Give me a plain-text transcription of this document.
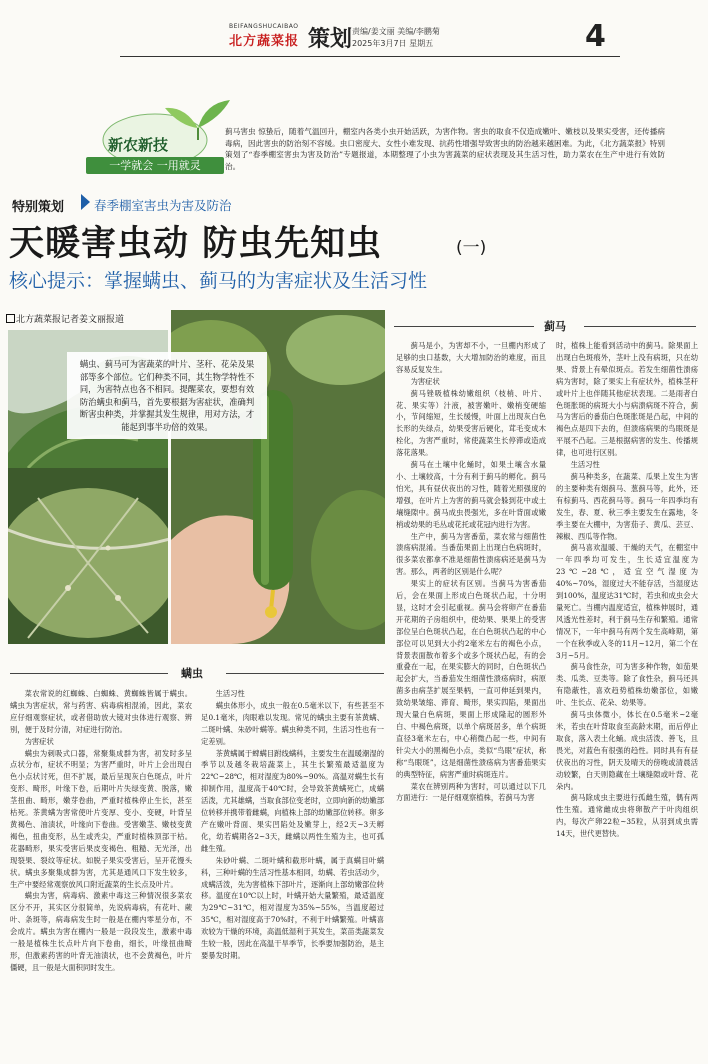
BEIFANGSHUCAIBAO
北方蔬菜报 策划 责编/姜文丽 美编/李鹏菊
2025年3月7日 星期五	4
新农新技
一学就会 一用就灵
蓟马害虫 惊蛰后，随着气温回升，棚室内各类小虫开始活跃，为害作物。害虫的取食不仅造成嫩叶、嫩枝以及果实受害，还传播病毒病，因此害虫的防治刻不容缓。虫口密度大、女性小难发现、抗药性增强导致害虫的防治越来越困难。为此，《北方蔬菜报》特别策划了“春季棚室害虫为害及防治”专题报道，本期整理了小虫为害蔬菜的症状表现及其生活习性，助力菜农在生产中进行有效防治。
特别策划 春季棚室害虫为害及防治
天暖害虫动 防虫先知虫	(一)
核心提示：掌握螨虫、蓟马的为害症状及生活习性
北方蔬菜报记者姜文丽报道
螨虫、蓟马可为害蔬菜的叶片、茎秆、花朵及果部等多个部位。它们种类不同，其生物学特性不同，为害特点也各不相同。提醒菜农，要想有效防治螨虫和蓟马，首先要根据为害症状，准确判断害虫种类，并掌握其发生规律，用对方法，才能起到事半功倍的效果。
蓟马
螨虫

菜农常说的红蜘蛛、白蜘蛛、黄蜘蛛皆属于螨虫。螨虫为害症状，常与药害、病毒病相混淆，因此，菜农应仔细观察症状，或者借助放大镜对虫体进行观察、辨别，便于及时分清，对症进行防治。

为害症状

螨虫为刺吸式口器，常聚集成群为害，初发时多呈点状分布，症状不明显；为害严重时，叶片上会出现白色小点状讨死，但不扩展，最后呈现灰白色斑点，叶片变形、畸形，叶缘下卷，后期叶片失绿变黄、脱落，嫩茎扭曲、畸形，嫩芽卷曲，严重时植株停止生长，甚至枯死。茶黄螨为害常使叶片变厚、变小、变硬，叶背呈黄褐色、油渍状，叶缘向下卷曲。受害嫩茎、嫩枝变黄褐色，扭曲变形，丛生或秃尖，严重时植株顶部干枯。花器畸形，果实受害后果皮变褐色、粗糙、无光泽，出现裂果、裂纹等症状。如脱子果实受害后，呈开花馒头状。螨虫多聚集成群为害，尤其是通风口下发生较多，生产中要经常观察放风口附近蔬菜的生长点及叶片。

螨虫为害，病毒病、激素中毒这三种情况很多菜农区分不开，其实区分很简单，先说病毒病，有花叶、蕨叶、条斑等，病毒病发生时一般是在棚内零星分布，不会成片。螨虫为害在棚内一般是一段段发生，激素中毒一般是植株生长点叶片向下卷曲，细长，叶缘扭曲畸形，但激素药害的叶背无油渍状，也不会黄褐色，叶片僵硬，且一般是大面积同时发生。

生活习性

螨虫体形小，成虫一般在0.5毫米以下，有些甚至不足0.1毫米，肉眼难以发现。常见的螨虫主要有茶黄螨、二斑叶螨、朱砂叶螨等。螨虫种类不同，生活习性也有一定差别。

茶黄螨属于蜱螨目跗线螨科，主要发生在温暖潮湿的季节以及越冬栽培蔬菜上，其生长繁殖最适温度为22℃~28℃，相对湿度为80%~90%。高温对螨生长有抑制作用，温度高于40℃时，会导致茶黄螨死亡，成螨活泼，尤其雄螨，当取食部位变老时，立即向新的幼嫩部位转移并携带着雌螨，向植株上部的幼嫩部位转移。卵多产在嫩叶背面、果实凹陷处及嫩芽上，经2天~3天孵化，幼若螨期各2~3天，雌螨以两性生殖为主，也可孤雌生殖。

朱砂叶螨、二斑叶螨和截形叶螨，属于真螨目叶螨科，三种叶螨的生活习性基本相同，幼螨、若虫活动少，成螨活泼，先为害植株下部叶片，逐渐向上部幼嫩部位转移。温度在10℃以上时，叶螨开始大量繁殖，最适温度为29℃~31℃，相对湿度为35%~55%，当温度超过35℃，相对湿度高于70%时，不利于叶螨繁殖。叶螨喜欢较为干燥的环境，高温低湿利于其发生，菜苗类蔬菜发生较一般，因此在高温干旱季节，长季要加强防治，是主要暴发时期。

蓟马是小，为害却不小，一旦棚内形成了足够的虫口基数，大大增加防治的难度，而且容易反复发生。

为害症状

蓟马锉吸植株幼嫩组织（枝梢、叶片、花、果实等）汁液，被害嫩叶、嫩梢变硬缩小，节间缩短，生长缓慢，叶面上出现灰白色长形的失绿点，幼果受害后硬化，茸毛变成木栓化，为害严重时，常使蔬菜生长停滞或造成落花落果。

蓟马在土壤中化蛹时，如果土壤含水量小、土壤较高，十分有利于蓟马的孵化。蓟马怕光，具有昼伏夜出的习性，随着光照强度的增强，在叶片上为害的蓟马就会躲到花中或土壤缝隙中。蓟马成虫畏强光，多在叶背面或嫩梢或幼果的毛丛或花托或花冠内进行为害。

生产中，蓟马为害番茄，菜农常与细菌性溃疡病混淆。当番茄果面上出现白色病斑时，很多菜农都拿不准是细菌性溃疡病还是蓟马为害。那么，两者的区别是什么呢？

果实上的症状有区别。当蓟马为害番茄后，会在果面上形成白色斑状凸起，十分明显，这时才会引起重视。蓟马会将卵产在番茄开花期的子房组织中，使幼果、果果上的受害部位呈白色斑状凸起，在白色斑状凸起的中心部位可以见到大小约2毫米左右的褐色小点，背景表面散布着多个或多个斑状凸起，有的会重叠在一起，在果实膨大的同时，白色斑状凸起会扩大，当番茄发生细菌性溃疡病时，病原菌多由病茎扩展至果柄，一直可伸延到果内，致幼果皱缩、滞育、畸形，果实四陷，果面出现大量白色病斑，果面上形成隆起的圆形外白、中褐色病斑，以单个病斑居多，单个病斑直径3毫米左右，中心稍微凸起一些，中间有针尖大小的黑褐色小点，类似“鸟眼”症状，称称“鸟眼斑”，这是细菌性溃疡病为害番茄果实的典型特征，病害严重时病斑连片。

菜农在辨别两种为害时，可以通过以下几方面进行：一是仔细观察植株，若蓟马为害

时，植株上能看到活动中的蓟马。除果面上出现白色斑痕外，茎叶上没有病斑，只在幼果、背景上有晕似斑点。若发生细菌性溃疡病为害时，除了果实上有症状外，植株茎秆或叶片上也伴随其他症状表现。二是雨者白色斑胀斑的病斑大小与病溃病斑不符合，蓟马为害后的番茄白色斑胀斑是凸起，中间的褐色点是四下去的，但溃疡病果的鸟眼斑是平展不凸起。三是根据病害的发生、传播规律，也可进行区别。

生活习性

蓟马种类多，在蔬菜、瓜果上发生为害的主要种类有烟蓟马、葱蓟马等，此外，还有棕蓟马、西花蓟马等。蓟马一年四季均有发生，春、夏、秋三季主要发生在露地，冬季主要在大棚中，为害茄子、黄瓜、芸豆、辣椒、西瓜等作物。

蓟马喜欢温暖、干燥的天气，在棚室中一年四季均可发生，生长适宜温度为23℃~28℃，适宜空气湿度为40%~70%，湿度过大不能存活，当湿度达到100%，温度达31℃时，若虫和成虫会大量死亡。当棚内温度适宜，植株伸展时，通风透光性差时，利于蓟马生存和繁殖。通常情况下，一年中蓟马有两个发生高峰期，第一个在秋季或入冬的11月~12月，第二个在3月~5月。

蓟马食性杂，可为害多种作物，如茄果类、瓜类、豆类等。除了食性杂，蓟马还具有隐蔽性，喜欢趋势植株幼嫩部位，如嫩叶、生长点、花朵、幼果等。

蓟马虫体微小，体长在0.5毫米~2毫米，若虫在叶背取食至高龄末期，而后停止取食，落入表土化蛹。成虫活泼、善飞，且畏光，对蓝色有很强的趋性。同时具有有昼伏夜出的习性，阴天及晴天的傍晚或清晨活动较繁，白天则隐藏在土壤缝隙或叶背、花朵内。

蓟马除成虫主要进行孤雌生殖，偶有两性生殖。通常雌成虫将卵散产于叶肉组织内，每次产卵22粒~35粒，从羽到成虫需14天，世代更替快。
